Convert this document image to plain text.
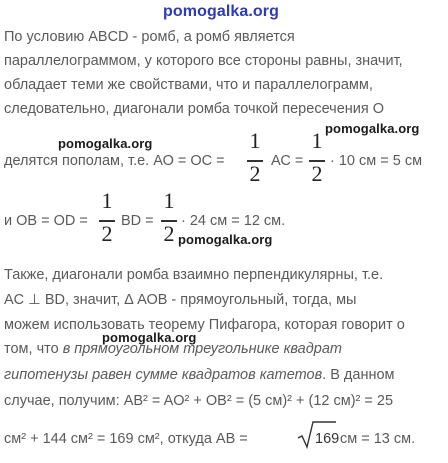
pomogalka.org
pomogalka.org
pomogalka.org
pomogalka.org
pomogalka.org
По условию ABCD - ромб, а ромб является
параллелограммом, у которого все стороны равны, значит,
обладает теми же свойствами, что и параллелограмм,
следовательно, диагонали ромба точкой пересечения О
делятся пополам, т.е. АО = ОС =
1
2 АС =
1
2 · 10 см = 5 см
и ОВ = OD =
1
2 BD =
1
2 · 24 см = 12 см.
Также, диагонали ромба взаимно перпендикулярны, т.е.
AC ⊥ BD, значит, Δ АОВ - прямоугольный, тогда, мы
можем использовать теорему Пифагора, которая говорит о
том, что в прямоугольном треугольнике квадрат
гипотенузы равен сумме квадратов катетов. В данном
случае, получим: AB² = AO² + OB² = (5 см)² + (12 см)² = 25
см² + 144 см² = 169 см², откуда АВ =	169 см = 13 см.
